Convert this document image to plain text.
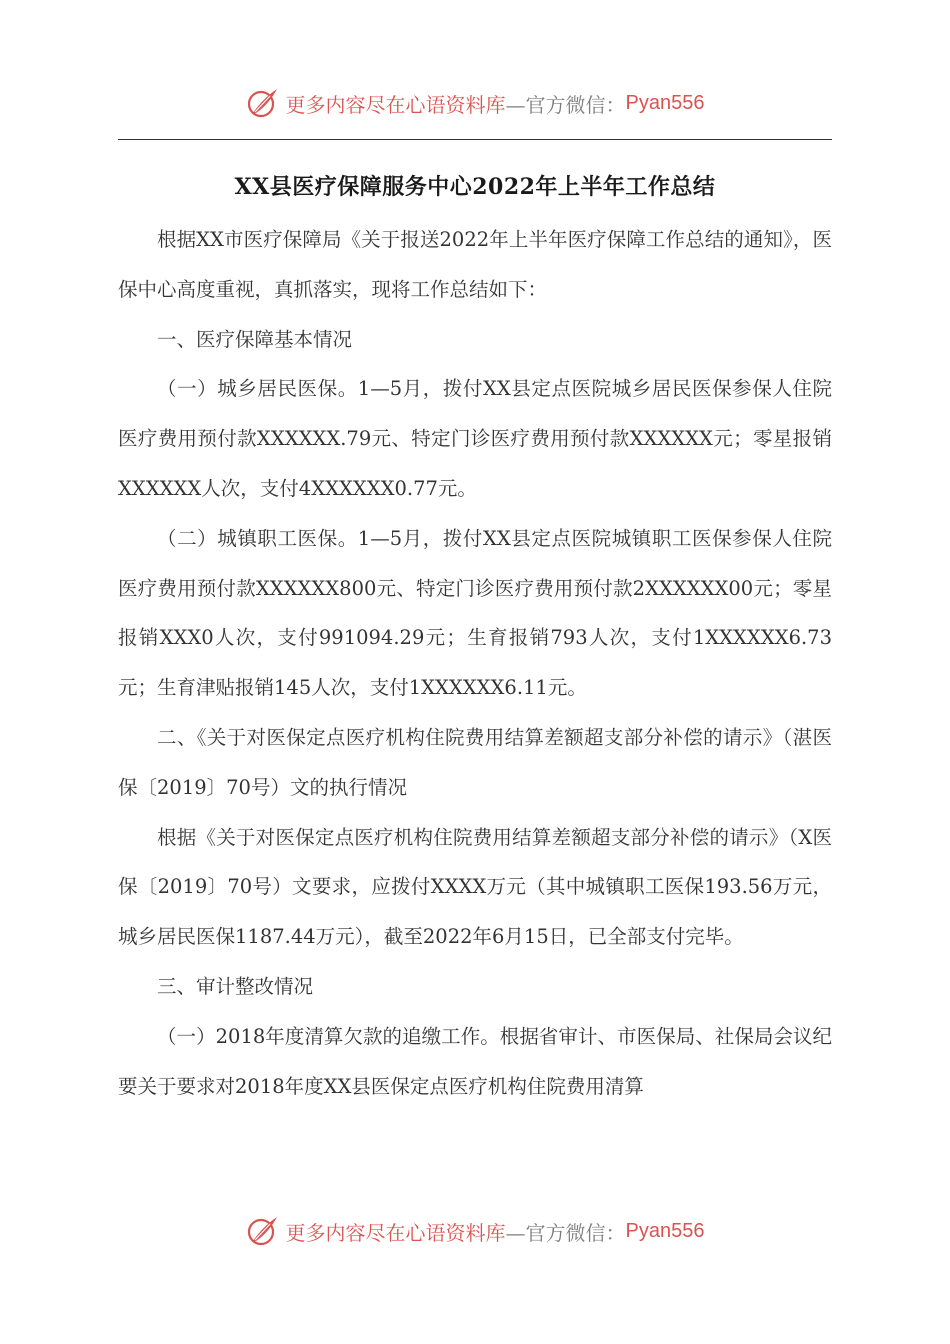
更多内容尽在心语资料库 —官方微信： Pyan556
XX县医疗保障服务中心2022年上半年工作总结

根据XX市医疗保障局《关于报送2022年上半年医疗保障工作总结的通知》，医保中心高度重视，真抓落实，现将工作总结如下：

一、医疗保障基本情况

（一）城乡居民医保。1—5月，拨付XX县定点医院城乡居民医保参保人住院医疗费用预付款XXXXXX.79元、特定门诊医疗费用预付款XXXXXX元；零星报销XXXXXX人次，支付4XXXXXX0.77元。

（二）城镇职工医保。1—5月，拨付XX县定点医院城镇职工医保参保人住院医疗费用预付款XXXXXX800元、特定门诊医疗费用预付款2XXXXXX00元；零星报销XXX0人次，支付991094.29元；生育报销793人次，支付1XXXXXX6.73元；生育津贴报销145人次，支付1XXXXXX6.11元。

二、《关于对医保定点医疗机构住院费用结算差额超支部分补偿的请示》（湛医保〔2019〕70号）文的执行情况

根据《关于对医保定点医疗机构住院费用结算差额超支部分补偿的请示》（X医保〔2019〕70号）文要求，应拨付XXXX万元（其中城镇职工医保193.56万元，城乡居民医保1187.44万元），截至2022年6月15日，已全部支付完毕。

三、审计整改情况

（一）2018年度清算欠款的追缴工作。根据省审计、市医保局、社保局会议纪要关于要求对2018年度XX县医保定点医疗机构住院费用清算

更多内容尽在心语资料库 —官方微信： Pyan556
